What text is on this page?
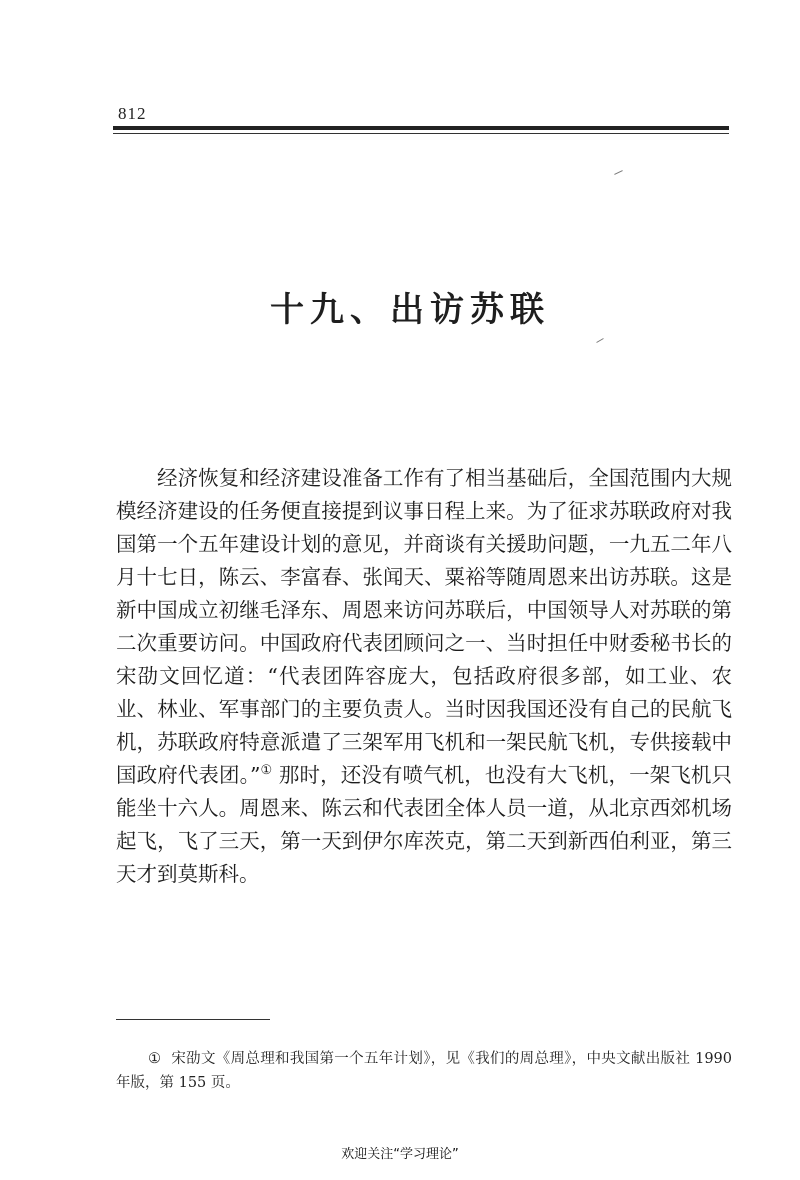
812
十九、出访苏联

经济恢复和经济建设准备工作有了相当基础后，全国范围内大规模经济建设的任务便直接提到议事日程上来。为了征求苏联政府对我国第一个五年建设计划的意见，并商谈有关援助问题，一九五二年八月十七日，陈云、李富春、张闻天、粟裕等随周恩来出访苏联。这是新中国成立初继毛泽东、周恩来访问苏联后，中国领导人对苏联的第二次重要访问。中国政府代表团顾问之一、当时担任中财委秘书长的宋劭文回忆道：“代表团阵容庞大，包括政府很多部，如工业、农业、林业、军事部门的主要负责人。当时因我国还没有自己的民航飞机，苏联政府特意派遣了三架军用飞机和一架民航飞机，专供接载中国政府代表团。”① 那时，还没有喷气机，也没有大飞机，一架飞机只能坐十六人。周恩来、陈云和代表团全体人员一道，从北京西郊机场起飞，飞了三天，第一天到伊尔库茨克，第二天到新西伯利亚，第三天才到莫斯科。

① 宋劭文《周总理和我国第一个五年计划》，见《我们的周总理》，中央文献出版社 1990 年版，第 155 页。
欢迎关注“学习理论”
